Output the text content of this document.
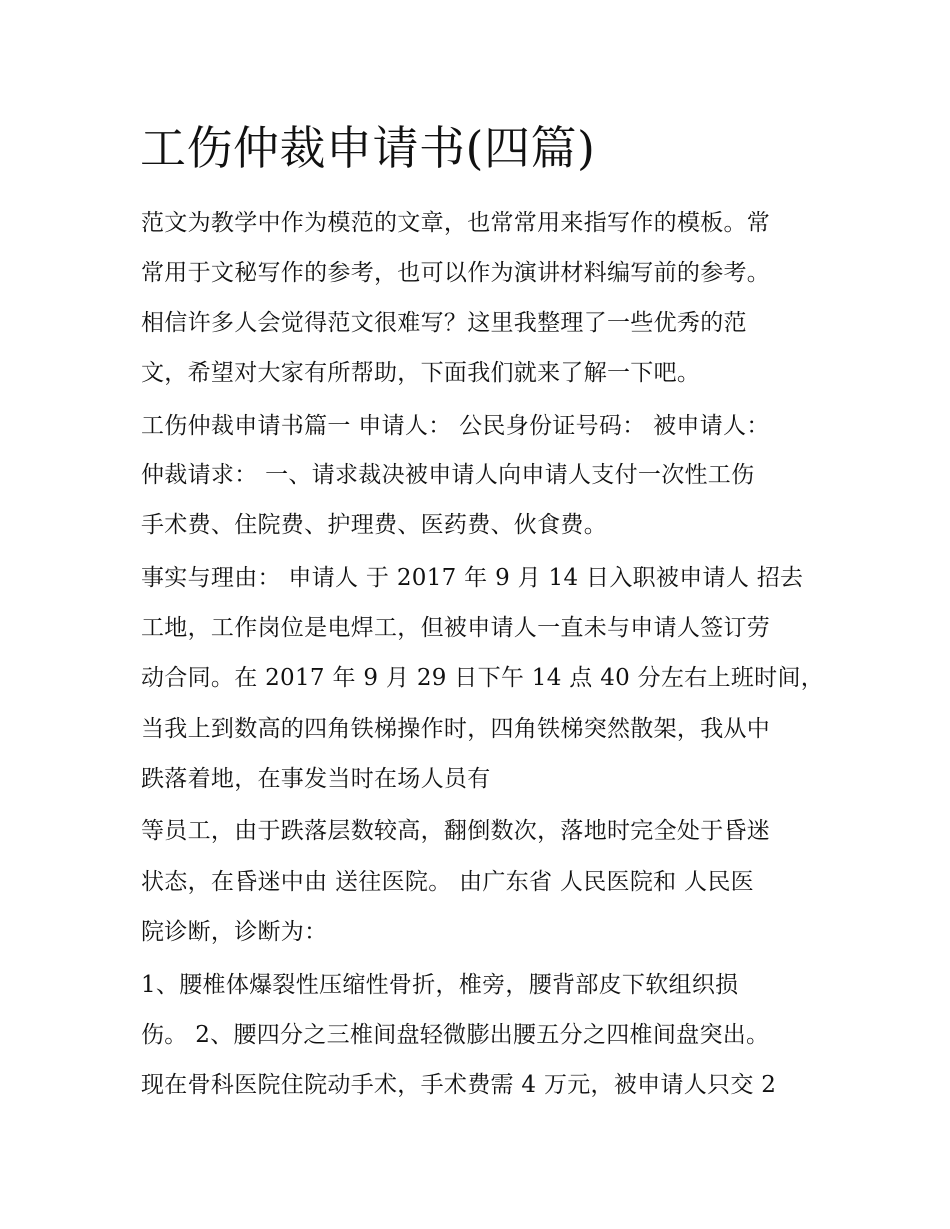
工伤仲裁申请书(四篇)

范文为教学中作为模范的文章，也常常用来指写作的模板。常

常用于文秘写作的参考，也可以作为演讲材料编写前的参考。

相信许多人会觉得范文很难写？这里我整理了一些优秀的范

文，希望对大家有所帮助，下面我们就来了解一下吧。

工伤仲裁申请书篇一 申请人： 公民身份证号码： 被申请人：

仲裁请求： 一、请求裁决被申请人向申请人支付一次性工伤

手术费、住院费、护理费、医药费、伙食费。

事实与理由： 申请人 于 2017 年 9 月 14 日入职被申请人 招去

工地，工作岗位是电焊工，但被申请人一直未与申请人签订劳

动合同。在 2017 年 9 月 29 日下午 14 点 40 分左右上班时间，

当我上到数高的四角铁梯操作时，四角铁梯突然散架，我从中

跌落着地，在事发当时在场人员有

等员工，由于跌落层数较高，翻倒数次，落地时完全处于昏迷

状态，在昏迷中由 送往医院。 由广东省 人民医院和 人民医

院诊断，诊断为：

1、腰椎体爆裂性压缩性骨折，椎旁，腰背部皮下软组织损

伤。 2、腰四分之三椎间盘轻微膨出腰五分之四椎间盘突出。

现在骨科医院住院动手术，手术费需 4 万元，被申请人只交 2
